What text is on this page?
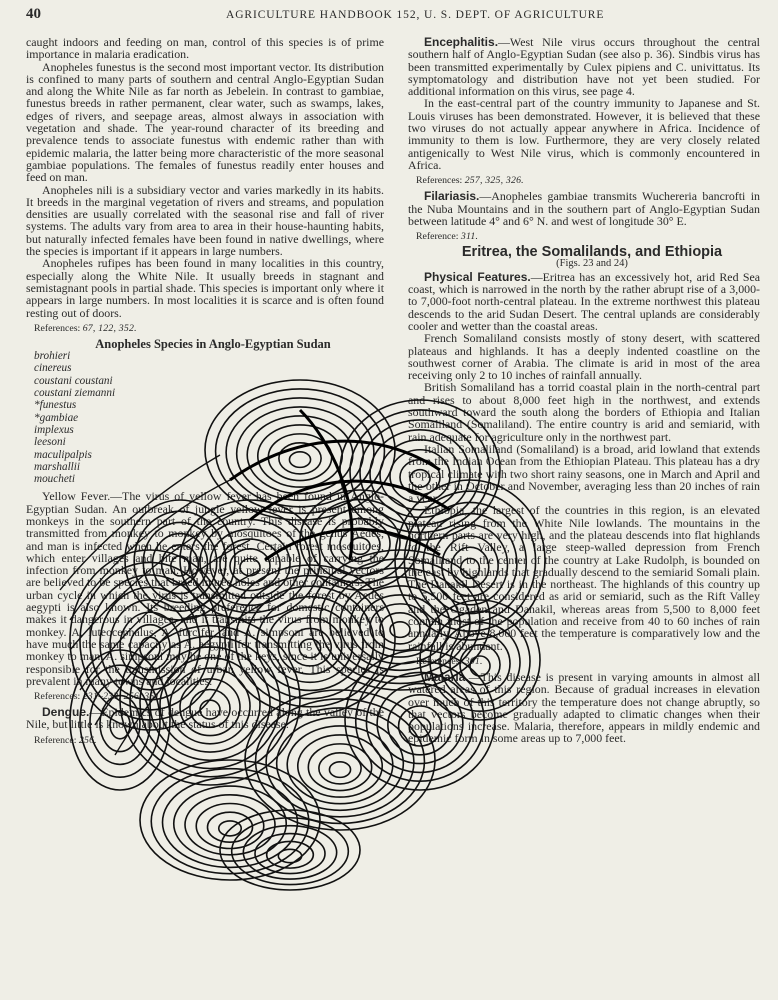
40	AGRICULTURE HANDBOOK 152, U. S. DEPT. OF AGRICULTURE

caught indoors and feeding on man, control of this species is of prime importance in malaria eradication.

Anopheles funestus is the second most important vector. Its distribution is confined to many parts of southern and central Anglo-Egyptian Sudan and along the White Nile as far north as Jebelein. In contrast to gambiae, funestus breeds in rather permanent, clear water, such as swamps, lakes, edges of rivers, and seepage areas, almost always in association with vegetation and shade. The year-round character of its breeding and prevalence tends to associate funestus with endemic rather than with epidemic malaria, the latter being more characteristic of the more seasonal gambiae populations. The females of funestus readily enter houses and feed on man.

Anopheles nili is a subsidiary vector and varies markedly in its habits. It breeds in the marginal vegetation of rivers and streams, and population densities are usually correlated with the seasonal rise and fall of river systems. The adults vary from area to area in their house-haunting habits, but naturally infected females have been found in native dwellings, where the species is important if it appears in large numbers.

Anopheles rufipes has been found in many localities in this country, especially along the White Nile. It usually breeds in stagnant and semistagnant pools in partial shade. This species is important only where it appears in large numbers. In most localities it is scarce and is often found resting out of doors.

References: 67, 122, 352.

Anopheles Species in Anglo-Egyptian Sudan

brohieri
cinereus
coustani coustani
coustani ziemanni
*funestus
*gambiae
implexus
leesoni
maculipalpis
marshallii
moucheti

Yellow Fever.—The virus of yellow fever has been found in Anglo-Egyptian Sudan. An outbreak of jungle yellow fever is present among monkeys in the southern part of the country. This disease is probably transmitted from monkey to monkey by mosquitoes of the genus Aedes, and man is infected when he enters the forest. Certain forest mosquitoes, which enter villages and bite man, are quite capable of carrying the infection from monkey to man. However, at present the principal vectors are believed to be species that breed in tree holes and other containers. The urban cycle in which the virus is transmitted outside the forest by Aedes aegypti is also known. Its breeding preference for domestic containers makes it dangerous in villages, and it transmits the virus from monkey to monkey. A. luteocephalus, A. furcifer, and A. simpsoni are believed to have much the same capacity as A. aegypti for transmitting the virus from monkey to man. A. simpsoni may be one of the keys, since it is universally responsible for the transmission of urban yellow fever. This species is prevalent in many towns and localities.

References: 231–233, 256, 351.

Dengue.—Epidemics of dengue have occurred along the valley of the Nile, but little is known about the status of this disease.

Reference: 256.

Encephalitis.—West Nile virus occurs throughout the central southern half of Anglo-Egyptian Sudan (see also p. 36). Sindbis virus has been transmitted experimentally by Culex pipiens and C. univittatus. Its symptomatology and distribution have not yet been studied. For additional information on this virus, see page 4.

In the east-central part of the country immunity to Japanese and St. Louis viruses has been demonstrated. However, it is believed that these two viruses do not actually appear anywhere in Africa. Incidence of immunity to them is low. Furthermore, they are very closely related antigenically to West Nile virus, which is commonly encountered in Africa.

References: 257, 325, 326.

Filariasis.—Anopheles gambiae transmits Wuchereria bancrofti in the Nuba Mountains and in the southern part of Anglo-Egyptian Sudan between latitude 4° and 6° N. and west of longitude 30° E.

Reference: 311.

Eritrea, the Somalilands, and Ethiopia

(Figs. 23 and 24)

Physical Features.—Eritrea has an excessively hot, arid Red Sea coast, which is narrowed in the north by the rather abrupt rise of a 3,000- to 7,000-foot north-central plateau. In the extreme northwest this plateau descends to the arid Sudan Desert. The central uplands are considerably cooler and wetter than the coastal areas.

French Somaliland consists mostly of stony desert, with scattered plateaus and highlands. It has a deeply indented coastline on the southwest corner of Arabia. The climate is arid in most of the area receiving only 2 to 10 inches of rainfall annually.

British Somaliland has a torrid coastal plain in the north-central part and rises to about 8,000 feet high in the northwest, and extends southward toward the south along the borders of Ethiopia and Italian Somaliland (Somaliland). The entire country is arid and semiarid, with rain adequate for agriculture only in the northwest part.

Italian Somaliland (Somaliland) is a broad, arid lowland that extends from the Indian Ocean from the Ethiopian Plateau. This plateau has a dry tropical climate with two short rainy seasons, one in March and April and the other in October and November, averaging less than 20 inches of rain a year.

Ethiopia, the largest of the countries in this region, is an elevated plateau rising from the White Nile lowlands. The mountains in the northern parts are very high, and the plateau descends into flat highlands to the Rift Valley, a large steep-walled depression from French Somaliland to the center of the country at Lake Rudolph, is bounded on the east by highlands that gradually descend to the semiarid Somali plain. The Danakil Desert is in the northeast. The highlands of this country up to 5,500 feet are considered as arid or semiarid, such as the Rift Valley and the Ogaden and Danakil, whereas areas from 5,500 to 8,000 feet contain most of the population and receive from 40 to 60 inches of rain annually. Above 8,000 feet the temperature is comparatively low and the rainfall is abundant.

References: 301.

Malaria.—This disease is present in varying amounts in almost all watered areas of this region. Because of gradual increases in elevation over much of this territory the temperature does not change abruptly, so that vectors become gradually adapted to climatic changes when their populations increase. Malaria, therefore, appears in mildly endemic and epidemic form in some areas up to 7,000 feet.
